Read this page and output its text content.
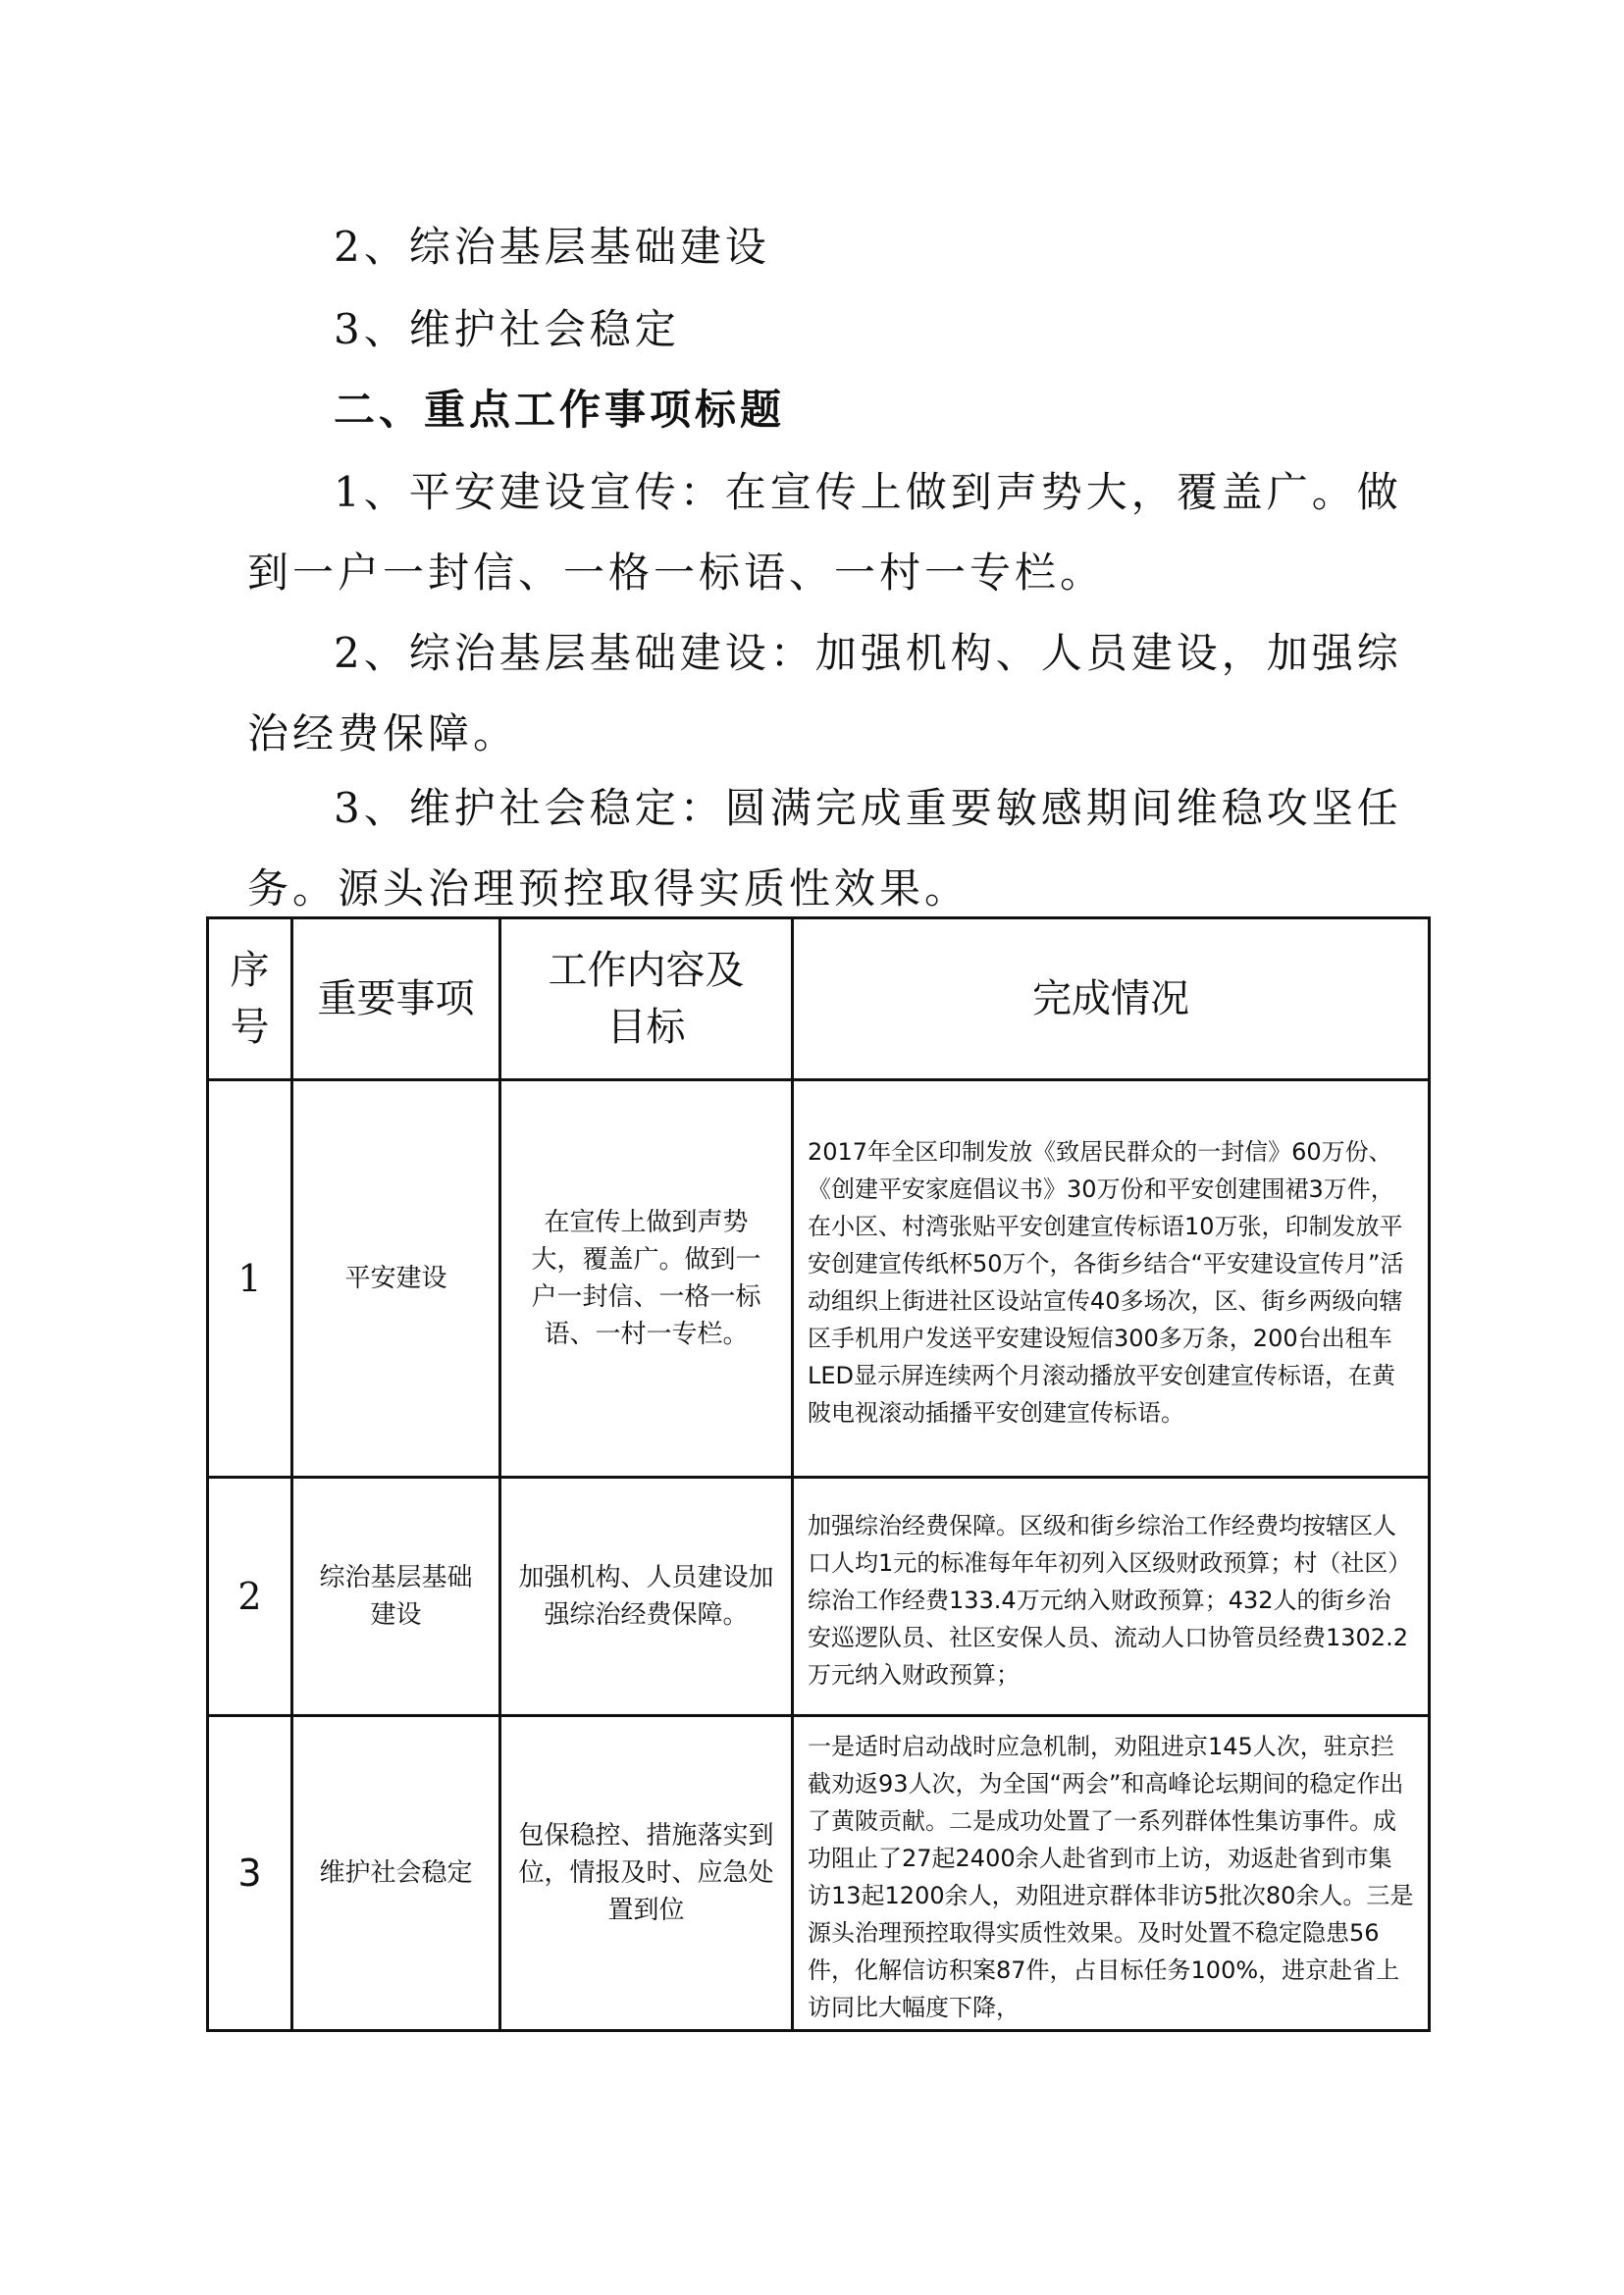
2、综治基层基础建设
3、维护社会稳定
二、重点工作事项标题
1、平安建设宣传：在宣传上做到声势大，覆盖广。做
到一户一封信、一格一标语、一村一专栏。
2、综治基层基础建设：加强机构、人员建设，加强综
治经费保障。
3、维护社会稳定：圆满完成重要敏感期间维稳攻坚任
务。源头治理预控取得实质性效果。
序号	重要事项	工作内容及目标	完成情况
1	平安建设	在宣传上做到声势大，覆盖广。做到一户一封信、一格一标语、一村一专栏。	2017年全区印制发放《致居民群众的一封信》60万份、《创建平安家庭倡议书》30万份和平安创建围裙3万件，在小区、村湾张贴平安创建宣传标语10万张，印制发放平安创建宣传纸杯50万个，各街乡结合“平安建设宣传月”活动组织上街进社区设站宣传40多场次，区、街乡两级向辖区手机用户发送平安建设短信300多万条，200台出租车LED显示屏连续两个月滚动播放平安创建宣传标语，在黄陂电视滚动插播平安创建宣传标语。
2	综治基层基础建设	加强机构、人员建设加强综治经费保障。	加强综治经费保障。区级和街乡综治工作经费均按辖区人口人均1元的标准每年年初列入区级财政预算；村（社区）综治工作经费133.4万元纳入财政预算；432人的街乡治安巡逻队员、社区安保人员、流动人口协管员经费1302.2万元纳入财政预算；
3	维护社会稳定	包保稳控、措施落实到位，情报及时、应急处置到位	一是适时启动战时应急机制，劝阻进京145人次，驻京拦截劝返93人次，为全国“两会”和高峰论坛期间的稳定作出了黄陂贡献。二是成功处置了一系列群体性集访事件。成功阻止了27起2400余人赴省到市上访，劝返赴省到市集访13起1200余人，劝阻进京群体非访5批次80余人。三是源头治理预控取得实质性效果。及时处置不稳定隐患56件，化解信访积案87件，占目标任务100%，进京赴省上访同比大幅度下降，
